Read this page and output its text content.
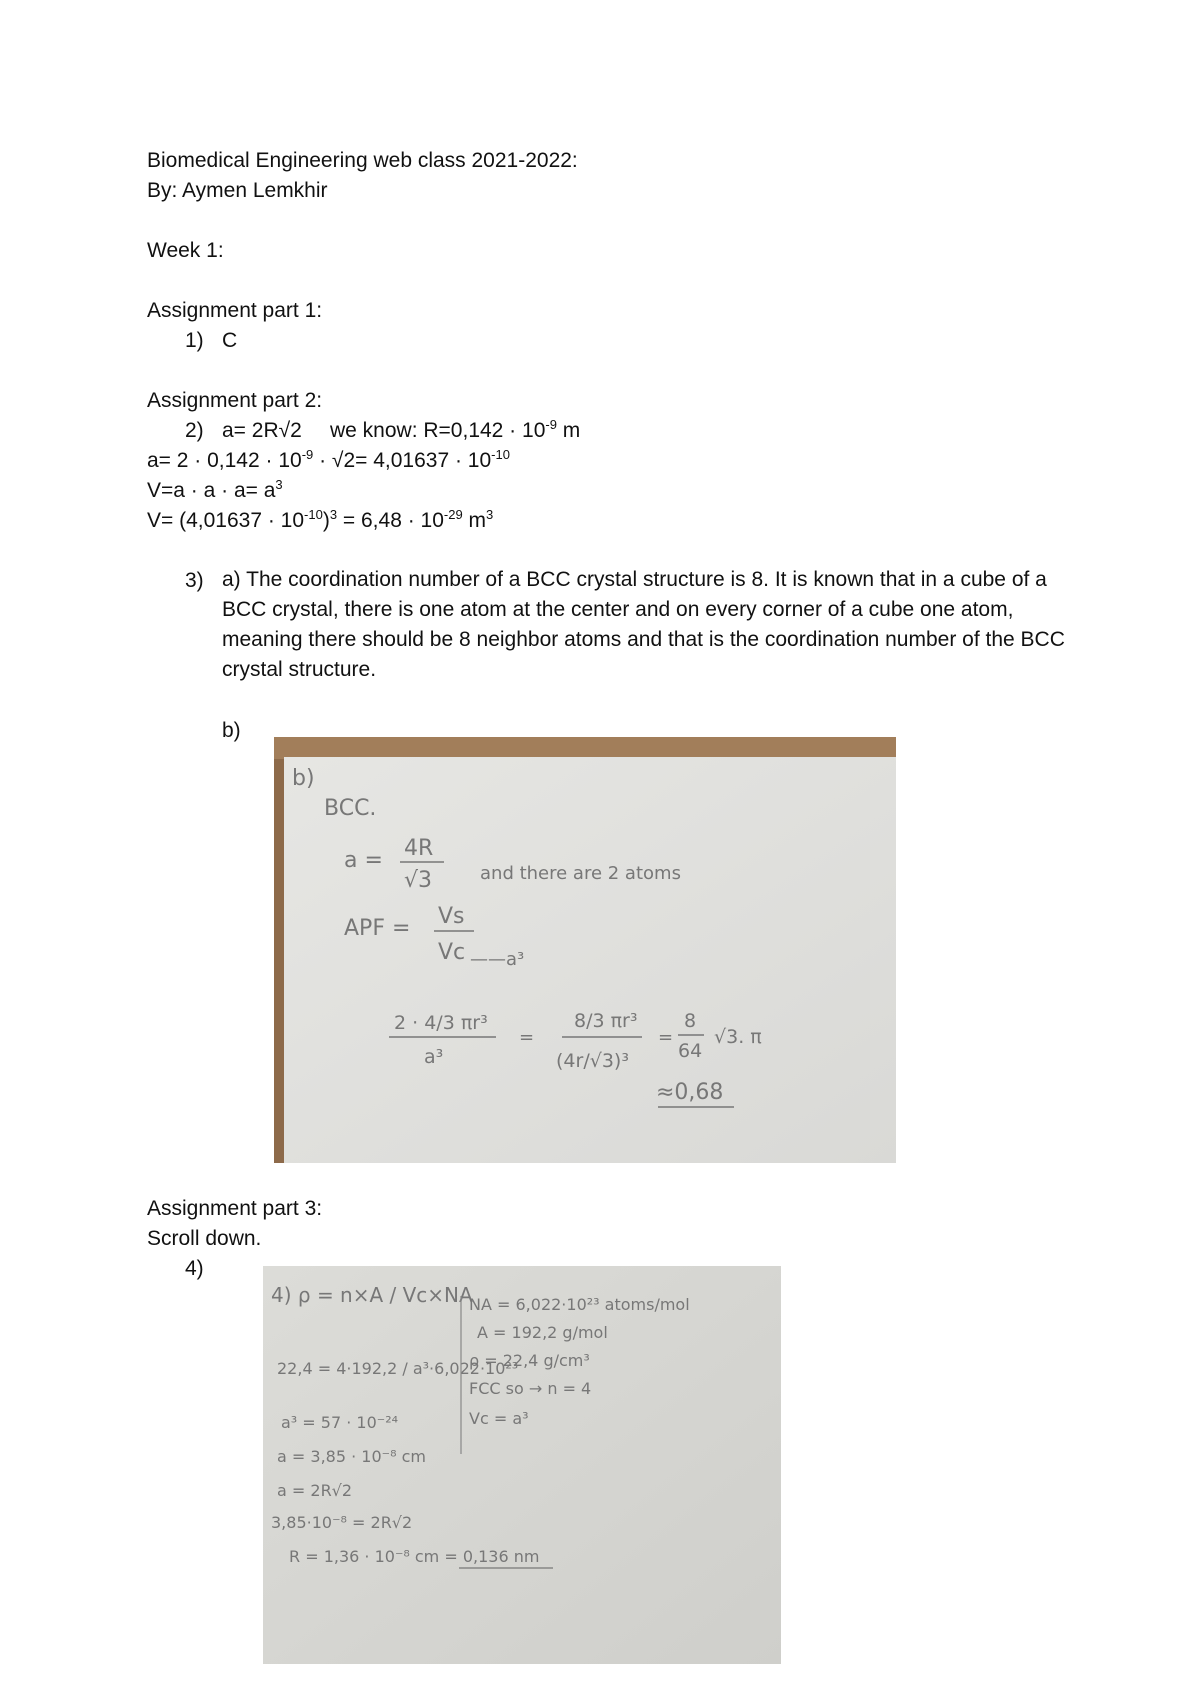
Biomedical Engineering web class 2021-2022:
By: Aymen Lemkhir
Week 1:
Assignment part 1:
1) C
Assignment part 2:
2) a= 2R√2 we know: $R=0,142 \cdot 10^{-9}$ m
$a= 2 \cdot 0,142 \cdot 10^{-9} \cdot √2= 4,01637 \cdot 10^{-10}$
$V=a \cdot a \cdot a= a^3$
$V= (4,01637 \cdot 10^{-10})^3 = 6,48 \cdot 10^{-29}$ $m^3$
3) a) The coordination number of a BCC crystal structure is 8. It is known that in a cube of a BCC crystal, there is one atom at the center and on every corner of a cube one atom, meaning there should be 8 neighbor atoms and that is the coordination number of the BCC crystal structure.
b)
b)
BCC.
a = 4R
√3	and there are 2 atoms
APF = Vs
Vc ——a³
2 · 4/3 πr³
a³
=
8/3 πr³
(4r/√3)³
=
8
64
√3. π
≈0,68
Assignment part 3:
Scroll down.
4)
4) ρ = n×A / Vc×NA
22,4 = 4·192,2 / a³·6,022·10²³
a³ = 57 · 10⁻²⁴
a = 3,85 · 10⁻⁸ cm
a = 2R√2
3,85·10⁻⁸ = 2R√2
R = 1,36 · 10⁻⁸ cm = 0,136 nm
NA = 6,022·10²³ atoms/mol
A = 192,2 g/mol
ρ = 22,4 g/cm³
FCC so → n = 4
Vc = a³
